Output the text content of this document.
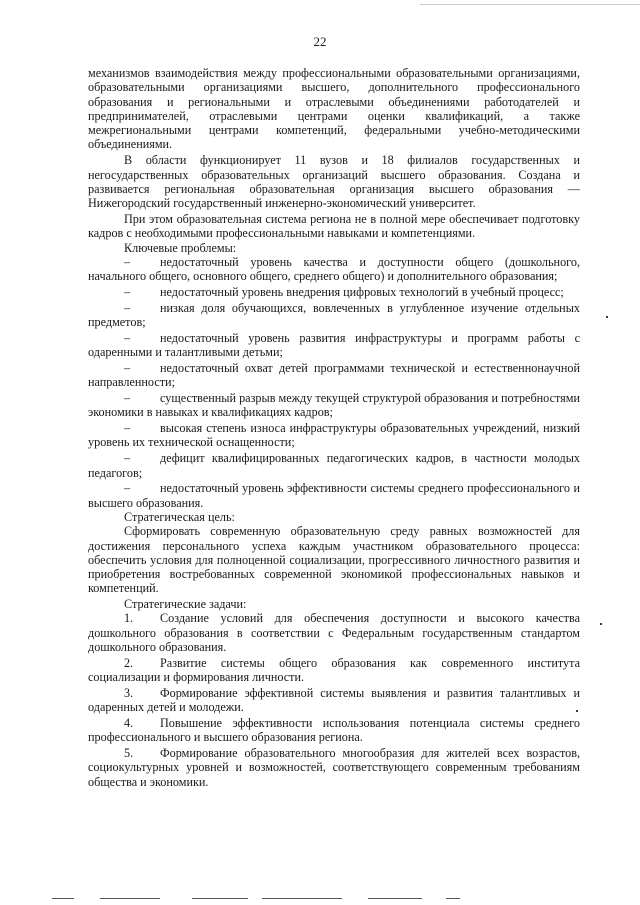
22

механизмов взаимодействия между профессиональными образовательными организациями, образовательными организациями высшего, дополнительного профессионального образования и региональными и отраслевыми объединениями работодателей и предпринимателей, отраслевыми центрами оценки квалификаций, а также межрегиональными центрами компетенций, федеральными учебно-методическими объединениями.

В области функционирует 11 вузов и 18 филиалов государственных и негосударственных образовательных организаций высшего образования. Создана и развивается региональная образовательная организация высшего образования — Нижегородский государственный инженерно-экономический университет.

При этом образовательная система региона не в полной мере обеспечивает подготовку кадров с необходимыми профессиональными навыками и компетенциями.

Ключевые проблемы:

– недостаточный уровень качества и доступности общего (дошкольного, начального общего, основного общего, среднего общего) и дополнительного образования;

– недостаточный уровень внедрения цифровых технологий в учебный процесс;

– низкая доля обучающихся, вовлеченных в углубленное изучение отдельных предметов;

– недостаточный уровень развития инфраструктуры и программ работы с одаренными и талантливыми детьми;

– недостаточный охват детей программами технической и естественнонаучной направленности;

– существенный разрыв между текущей структурой образования и потребностями экономики в навыках и квалификациях кадров;

– высокая степень износа инфраструктуры образовательных учреждений, низкий уровень их технической оснащенности;

– дефицит квалифицированных педагогических кадров, в частности молодых педагогов;

– недостаточный уровень эффективности системы среднего профессионального и высшего образования.

Стратегическая цель:

Сформировать современную образовательную среду равных возможностей для достижения персонального успеха каждым участником образовательного процесса: обеспечить условия для полноценной социализации, прогрессивного личностного развития и приобретения востребованных современной экономикой профессиональных навыков и компетенций.

Стратегические задачи:

1. Создание условий для обеспечения доступности и высокого качества дошкольного образования в соответствии с Федеральным государственным стандартом дошкольного образования.

2. Развитие системы общего образования как современного института социализации и формирования личности.

3. Формирование эффективной системы выявления и развития талантливых и одаренных детей и молодежи.

4. Повышение эффективности использования потенциала системы среднего профессионального и высшего образования региона.

5. Формирование образовательного многообразия для жителей всех возрастов, социокультурных уровней и возможностей, соответствующего современным требованиям общества и экономики.
